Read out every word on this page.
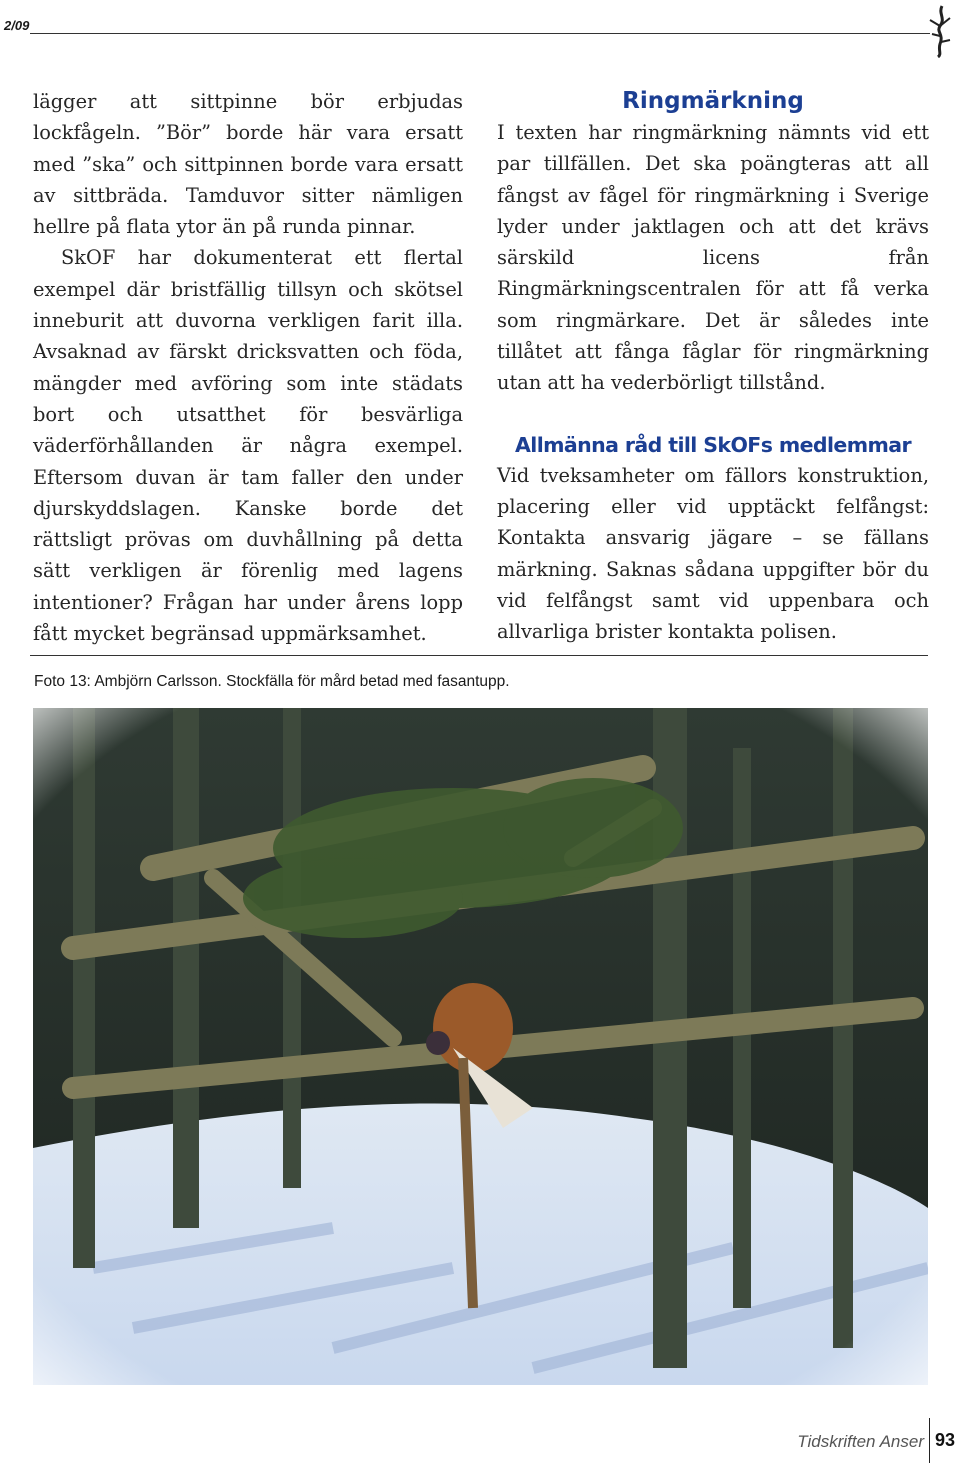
2/09

lägger att sittpinne bör erbjudas lockfågeln. ”Bör” borde här vara ersatt med ”ska” och sittpinnen borde vara ersatt av sittbräda. Tamduvor sitter nämligen hellre på flata ytor än på runda pinnar.

SkOF har dokumenterat ett flertal exempel där bristfällig tillsyn och skötsel inneburit att duvorna verkligen farit illa. Avsaknad av färskt dricksvatten och föda, mängder med avföring som inte städats bort och utsatthet för besvärliga väderförhållanden är några exempel. Eftersom duvan är tam faller den under djurskyddslagen. Kanske borde det rättsligt prövas om duvhållning på detta sätt verkligen är förenlig med lagens intentioner? Frågan har under årens lopp fått mycket begränsad uppmärksamhet.

Ringmärkning

I texten har ringmärkning nämnts vid ett par tillfällen. Det ska poängteras att all fångst av fågel för ringmärkning i Sverige lyder under jaktlagen och att det krävs särskild licens från Ringmärkningscentralen för att få verka som ringmärkare. Det är således inte tillåtet att fånga fåglar för ringmärkning utan att ha vederbörligt tillstånd.

Allmänna råd till SkOFs medlemmar

Vid tveksamheter om fällors konstruktion, placering eller vid upptäckt felfångst: Kontakta ansvarig jägare – se fällans märkning. Saknas sådana uppgifter bör du vid felfångst samt vid uppenbara och allvarliga brister kontakta polisen.

Foto 13: Ambjörn Carlsson. Stockfälla för mård betad med fasantupp.
Tidskriften Anser 93
